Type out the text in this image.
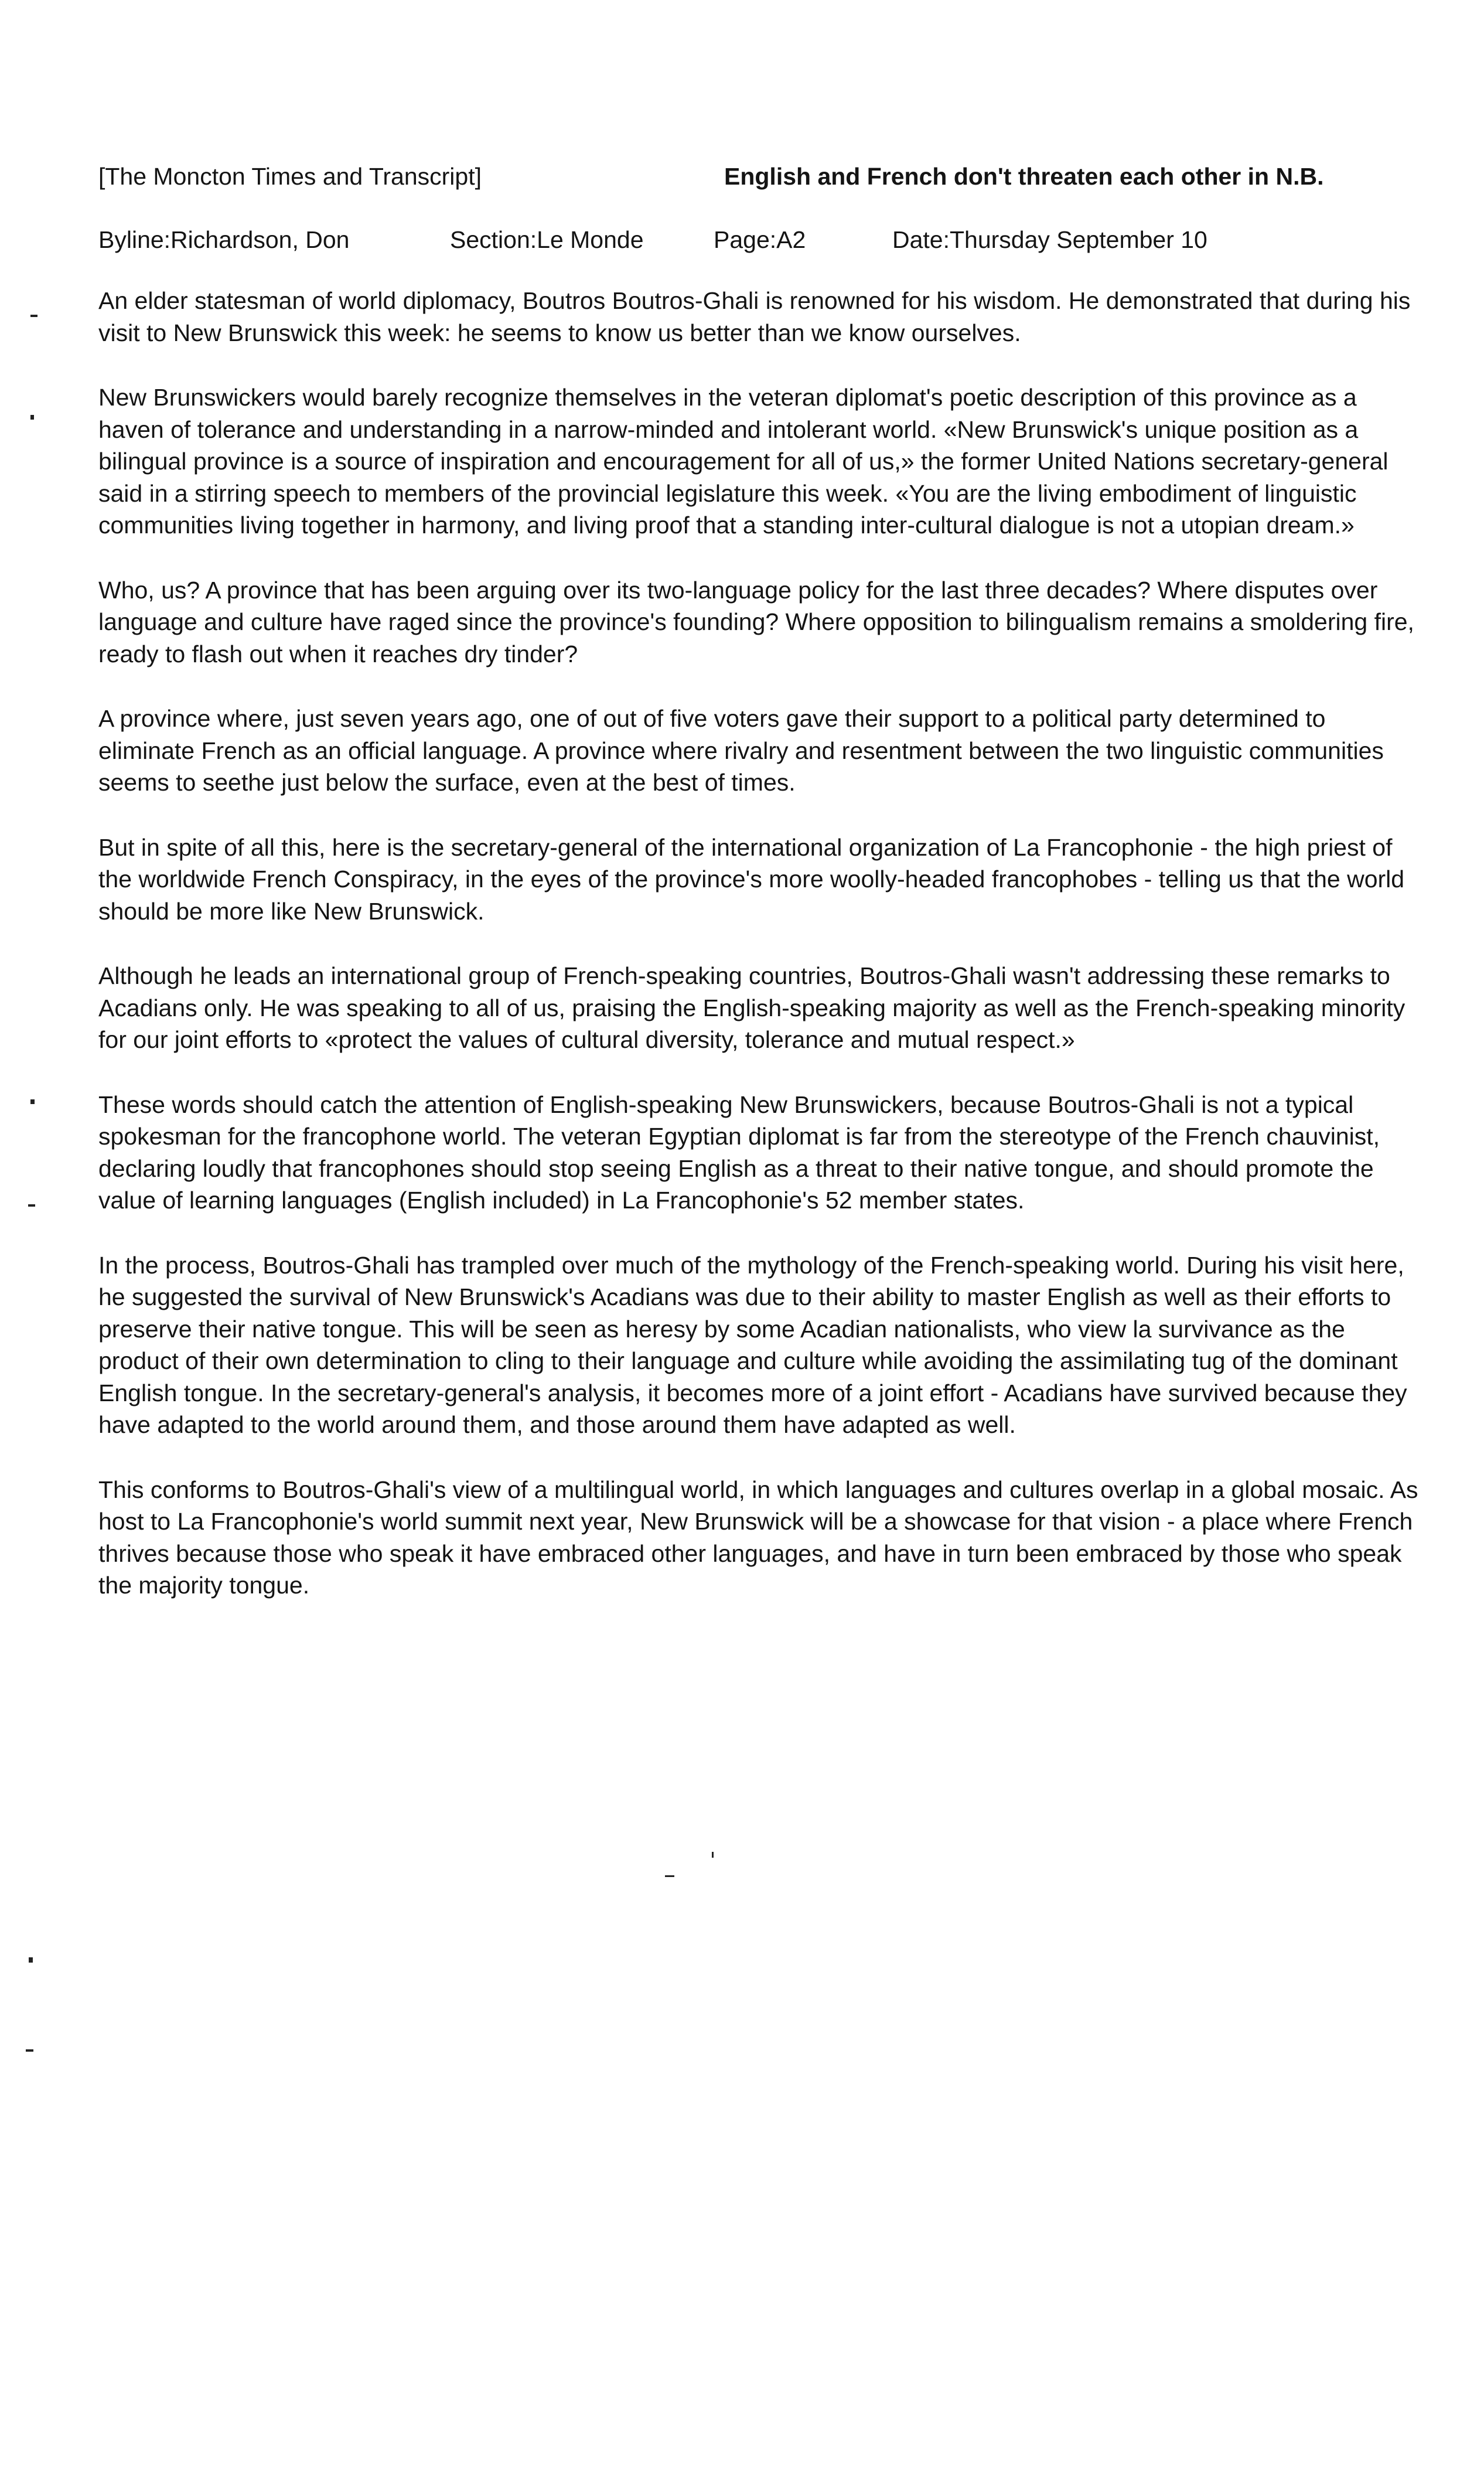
[The Moncton Times and Transcript]	English and French don't threaten each other in N.B.
Byline:Richardson, Don	Section:Le Monde	Page:A2	Date:Thursday September 10

An elder statesman of world diplomacy, Boutros Boutros-Ghali is renowned for his wisdom. He demonstrated that during his visit to New Brunswick this week: he seems to know us better than we know ourselves.

New Brunswickers would barely recognize themselves in the veteran diplomat's poetic description of this province as a haven of tolerance and understanding in a narrow-minded and intolerant world. «New Brunswick's unique position as a bilingual province is a source of inspiration and encouragement for all of us,» the former United Nations secretary-general said in a stirring speech to members of the provincial legislature this week. «You are the living embodiment of linguistic communities living together in harmony, and living proof that a standing inter-cultural dialogue is not a utopian dream.»

Who, us? A province that has been arguing over its two-language policy for the last three decades? Where disputes over language and culture have raged since the province's founding? Where opposition to bilingualism remains a smoldering fire, ready to flash out when it reaches dry tinder?

A province where, just seven years ago, one of out of five voters gave their support to a political party determined to eliminate French as an official language. A province where rivalry and resentment between the two linguistic communities seems to seethe just below the surface, even at the best of times.

But in spite of all this, here is the secretary-general of the international organization of La Francophonie - the high priest of the worldwide French Conspiracy, in the eyes of the province's more woolly-headed francophobes - telling us that the world should be more like New Brunswick.

Although he leads an international group of French-speaking countries, Boutros-Ghali wasn't addressing these remarks to Acadians only. He was speaking to all of us, praising the English-speaking majority as well as the French-speaking minority for our joint efforts to «protect the values of cultural diversity, tolerance and mutual respect.»

These words should catch the attention of English-speaking New Brunswickers, because Boutros-Ghali is not a typical spokesman for the francophone world. The veteran Egyptian diplomat is far from the stereotype of the French chauvinist, declaring loudly that francophones should stop seeing English as a threat to their native tongue, and should promote the value of learning languages (English included) in La Francophonie's 52 member states.

In the process, Boutros-Ghali has trampled over much of the mythology of the French-speaking world. During his visit here, he suggested the survival of New Brunswick's Acadians was due to their ability to master English as well as their efforts to preserve their native tongue. This will be seen as heresy by some Acadian nationalists, who view la survivance as the product of their own determination to cling to their language and culture while avoiding the assimilating tug of the dominant English tongue. In the secretary-general's analysis, it becomes more of a joint effort - Acadians have survived because they have adapted to the world around them, and those around them have adapted as well.

This conforms to Boutros-Ghali's view of a multilingual world, in which languages and cultures overlap in a global mosaic. As host to La Francophonie's world summit next year, New Brunswick will be a showcase for that vision - a place where French thrives because those who speak it have embraced other languages, and have in turn been embraced by those who speak the majority tongue.
